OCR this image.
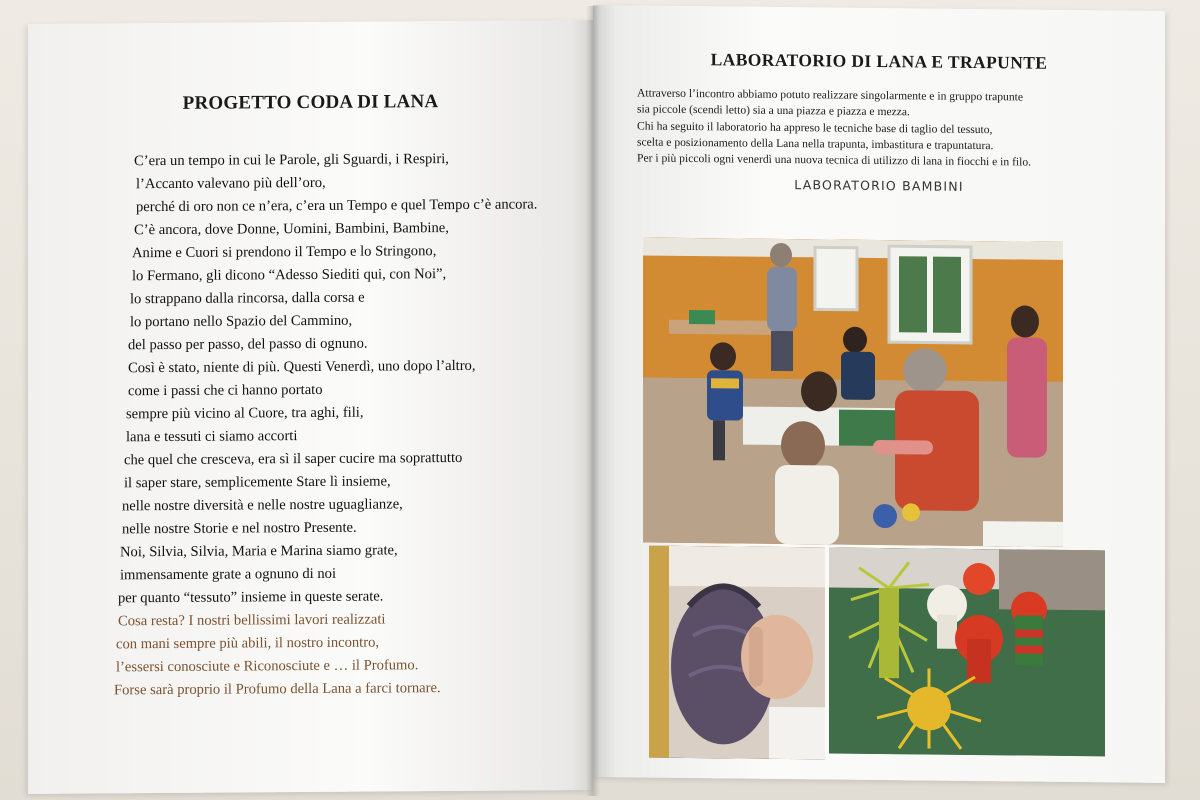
PROGETTO CODA DI LANA
C’era un tempo in cui le Parole, gli Sguardi, i Respiri,
l’Accanto valevano più dell’oro,
perché di oro non ce n’era, c’era un Tempo e quel Tempo c’è ancora.
C’è ancora, dove Donne, Uomini, Bambini, Bambine,
Anime e Cuori si prendono il Tempo e lo Stringono,
lo Fermano, gli dicono “Adesso Siediti qui, con Noi”,
lo strappano dalla rincorsa, dalla corsa e
lo portano nello Spazio del Cammino,
del passo per passo, del passo di ognuno.
Così è stato, niente di più. Questi Venerdì, uno dopo l’altro,
come i passi che ci hanno portato
sempre più vicino al Cuore, tra aghi, fili,
lana e tessuti ci siamo accorti
che quel che cresceva, era sì il saper cucire ma soprattutto
il saper stare, semplicemente Stare lì insieme,
nelle nostre diversità e nelle nostre uguaglianze,
nelle nostre Storie e nel nostro Presente.
Noi, Silvia, Silvia, Maria e Marina siamo grate,
immensamente grate a ognuno di noi
per quanto “tessuto” insieme in queste serate.
Cosa resta? I nostri bellissimi lavori realizzati
con mani sempre più abili, il nostro incontro,
l’essersi conosciute e Riconosciute e … il Profumo.
Forse sarà proprio il Profumo della Lana a farci tornare.
LABORATORIO DI LANA E TRAPUNTE
Attraverso l’incontro abbiamo potuto realizzare singolarmente e in gruppo trapunte
sia piccole (scendi letto) sia a una piazza e piazza e mezza.
Chi ha seguito il laboratorio ha appreso le tecniche base di taglio del tessuto,
scelta e posizionamento della Lana nella trapunta, imbastitura e trapuntatura.
Per i più piccoli ogni venerdì una nuova tecnica di utilizzo di lana in fiocchi e in filo.
LABORATORIO BAMBINI
